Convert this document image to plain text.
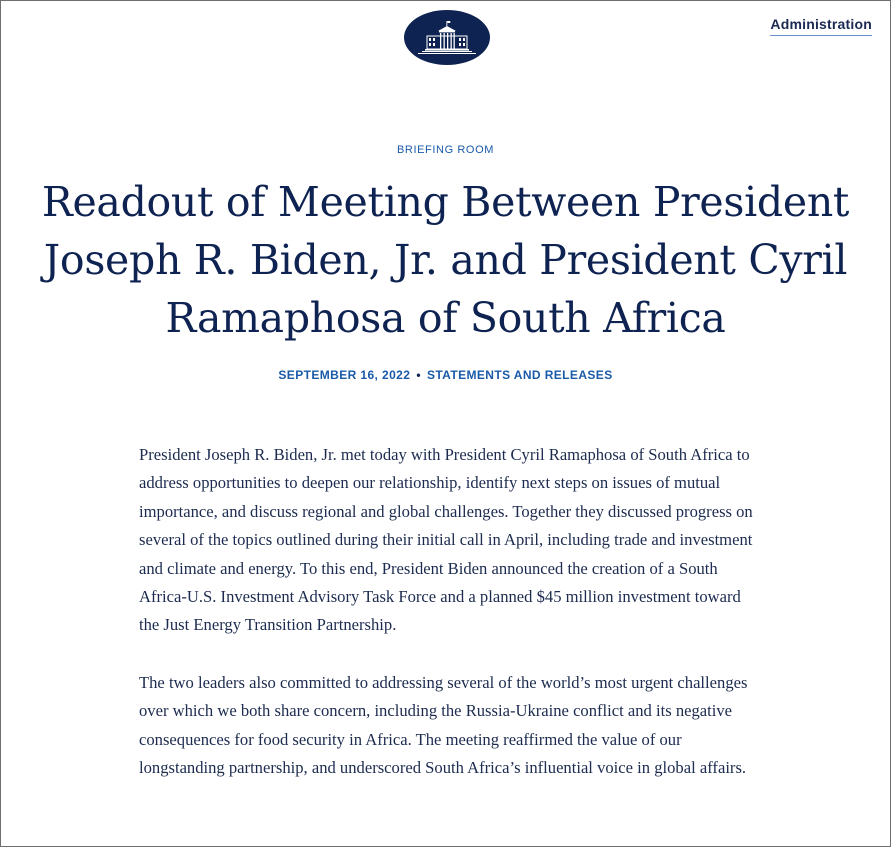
Administration
BRIEFING ROOM
Readout of Meeting Between President Joseph R. Biden, Jr. and President Cyril Ramaphosa of South Africa
SEPTEMBER 16, 2022 • STATEMENTS AND RELEASES

President Joseph R. Biden, Jr. met today with President Cyril Ramaphosa of South Africa to address opportunities to deepen our relationship, identify next steps on issues of mutual importance, and discuss regional and global challenges. Together they discussed progress on several of the topics outlined during their initial call in April, including trade and investment and climate and energy. To this end, President Biden announced the creation of a South Africa-U.S. Investment Advisory Task Force and a planned $45 million investment toward the Just Energy Transition Partnership.

The two leaders also committed to addressing several of the world’s most urgent challenges over which we both share concern, including the Russia-Ukraine conflict and its negative consequences for food security in Africa. The meeting reaffirmed the value of our longstanding partnership, and underscored South Africa’s influential voice in global affairs.
